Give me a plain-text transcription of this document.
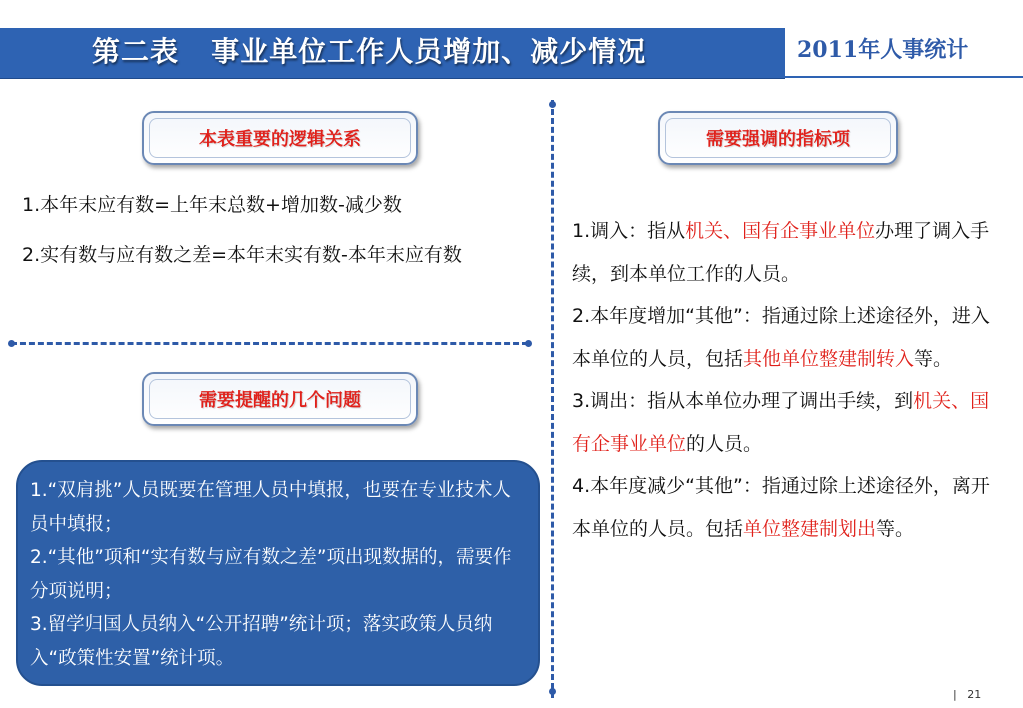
第二表   事业单位工作人员增加、减少情况	2011年人事统计
本表重要的逻辑关系
1.本年末应有数=上年末总数+增加数-减少数
2.实有数与应有数之差=本年末实有数-本年末应有数
需要提醒的几个问题
1.“双肩挑”人员既要在管理人员中填报，也要在专业技术人员中填报；
2.“其他”项和“实有数与应有数之差”项出现数据的，需要作分项说明；
3.留学归国人员纳入“公开招聘”统计项；落实政策人员纳入“政策性安置”统计项。
需要强调的指标项
1.调入：指从机关、国有企事业单位办理了调入手续，到本单位工作的人员。
2.本年度增加“其他”：指通过除上述途径外，进入本单位的人员，包括其他单位整建制转入等。
3.调出：指从本单位办理了调出手续，到机关、国有企事业单位的人员。
4.本年度减少“其他”：指通过除上述途径外，离开本单位的人员。包括单位整建制划出等。
| 21
